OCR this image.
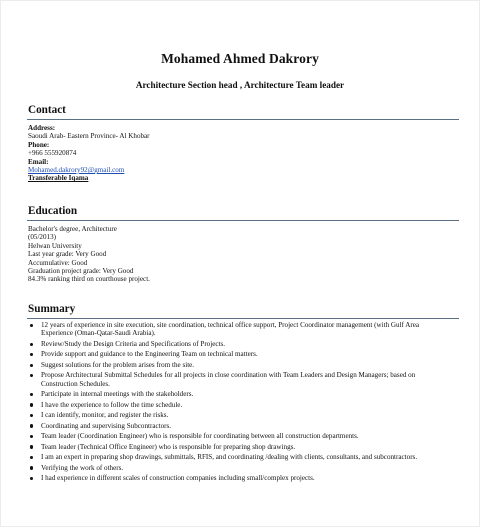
Mohamed Ahmed Dakrory
Architecture Section head , Architecture Team leader
Contact
Address:
Saoudi Arab- Eastern Province- Al Khobar
Phone:
+966 555920874
Email:
Mohamed.dakrory92@gmail.com
Transferable Iqama
Education
Bachelor's degree, Architecture
(05/2013)
Helwan University
Last year grade: Very Good
Accumulative: Good
Graduation project grade: Very Good
84.3% ranking third on courthouse project.
Summary
12 years of experience in site execution, site coordination, technical office support, Project Coordinator management (with Gulf Area Experience (Oman-Qatar-Saudi Arabia).
Review/Study the Design Criteria and Specifications of Projects.
Provide support and guidance to the Engineering Team on technical matters.
Suggest solutions for the problem arises from the site.
Propose Architectural Submittal Schedules for all projects in close coordination with Team Leaders and Design Managers; based on Construction Schedules.
Participate in internal meetings with the stakeholders.
I have the experience to follow the time schedule.
I can identify, monitor, and register the risks.
Coordinating and supervising Subcontractors.
Team leader (Coordination Engineer) who is responsible for coordinating between all construction departments.
Team leader (Technical Office Engineer) who is responsible for preparing shop drawings.
I am an expert in preparing shop drawings, submittals, RFIS, and coordinating /dealing with clients, consultants, and subcontractors.
Verifying the work of others.
I had experience in different scales of construction companies including small/complex projects.
